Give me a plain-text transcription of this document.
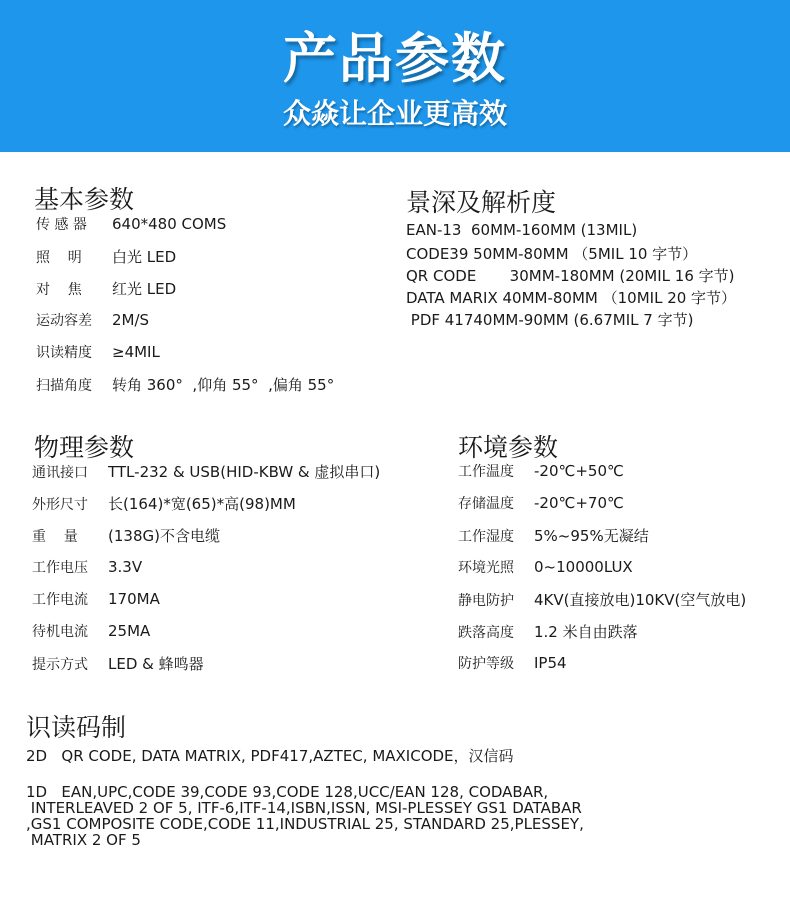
产品参数
众焱让企业更高效
基本参数
传 感 器	640*480 COMS
照    明	白光 LED
对    焦	红光 LED
运动容差	2M/S
识读精度	≥4MIL
扫描角度	转角 360°  ,仰角 55°  ,偏角 55°
景深及解析度
EAN-13  60MM-160MM (13MIL)
CODE39 50MM-80MM （5MIL 10 字节）
QR CODE       30MM-180MM (20MIL 16 字节)
DATA MARIX 40MM-80MM （10MIL 20 字节）
PDF 41740MM-90MM (6.67MIL 7 字节)
物理参数
通讯接口	TTL-232 & USB(HID-KBW & 虚拟串口)
外形尺寸	长(164)*宽(65)*高(98)MM
重    量	(138G)不含电缆
工作电压	3.3V
工作电流	170MA
待机电流	25MA
提示方式	LED & 蜂鸣器
环境参数
工作温度	-20℃+50℃
存储温度	-20℃+70℃
工作湿度	5%~95%无凝结
环境光照	0~10000LUX
静电防护	4KV(直接放电)10KV(空气放电)
跌落高度	1.2 米自由跌落
防护等级	IP54
识读码制
2D   QR CODE, DATA MATRIX, PDF417,AZTEC, MAXICODE，汉信码
1D   EAN,UPC,CODE 39,CODE 93,CODE 128,UCC/EAN 128, CODABAR,
INTERLEAVED 2 OF 5, ITF-6,ITF-14,ISBN,ISSN, MSI-PLESSEY GS1 DATABAR
,GS1 COMPOSITE CODE,CODE 11,INDUSTRIAL 25, STANDARD 25,PLESSEY,
MATRIX 2 OF 5
